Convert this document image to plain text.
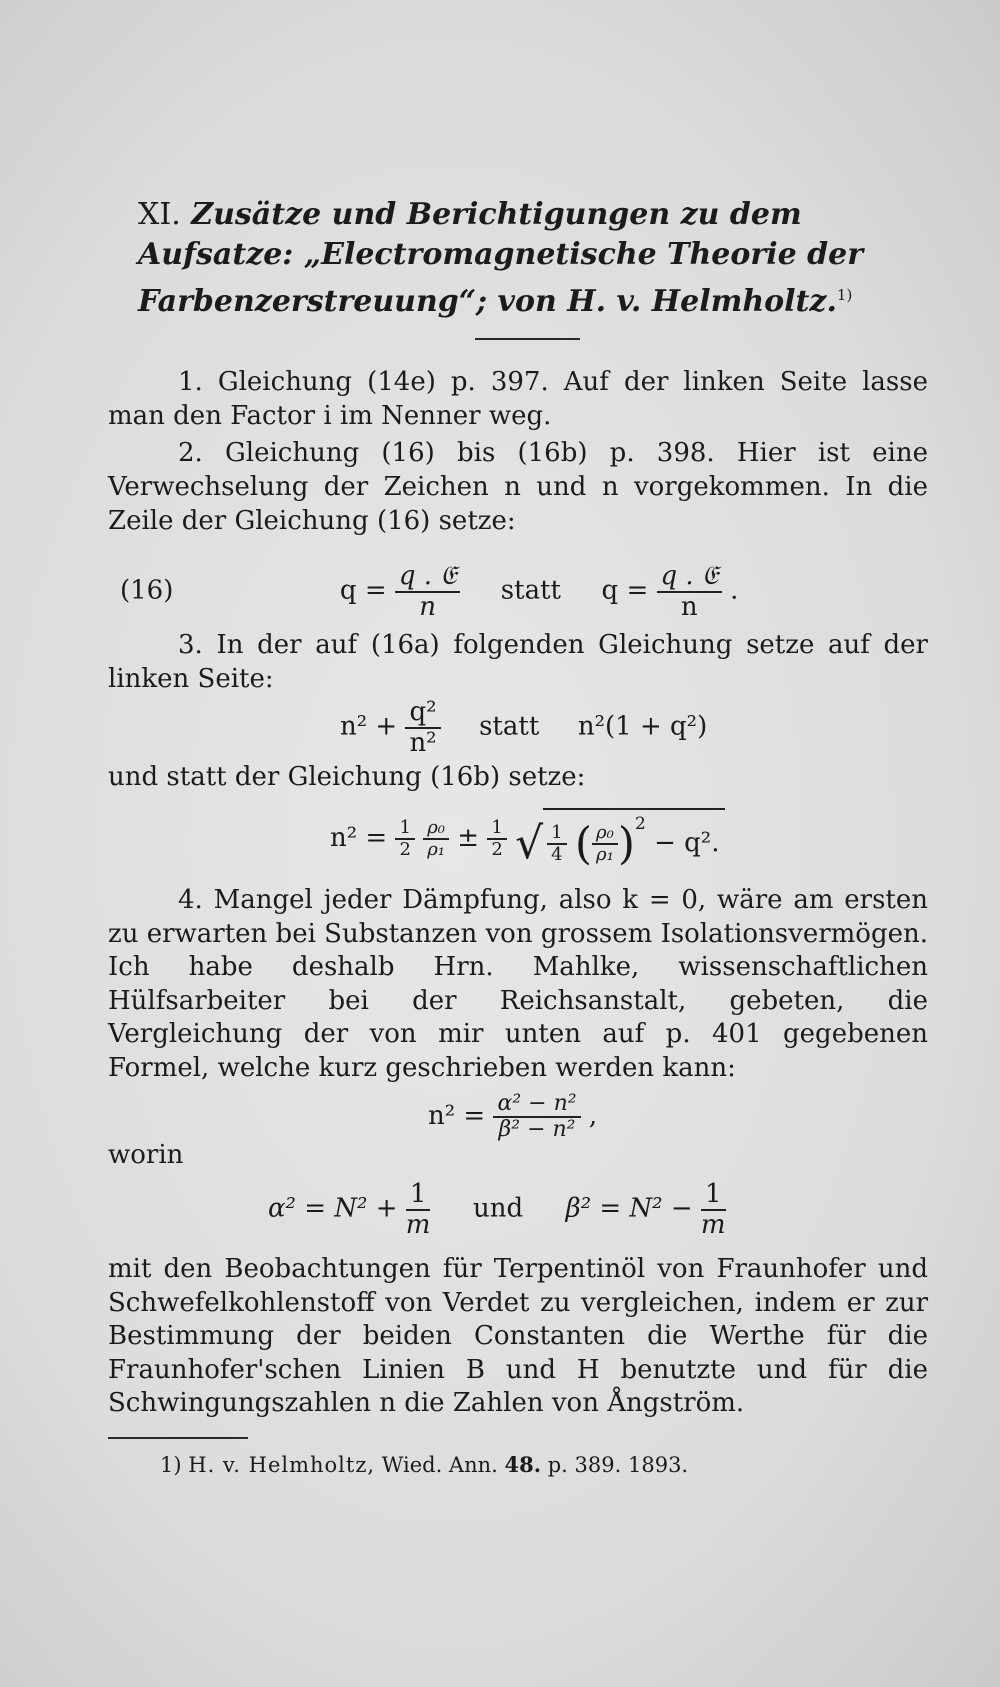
XI. Zusätze und Berichtigungen zu dem Aufsatze: „Electromagnetische Theorie der Farbenzerstreuung“; von H. v. Helmholtz.$^{1)}$

1. Gleichung (14e) p. 397. Auf der linken Seite lasse man den Factor i im Nenner weg.

2. Gleichung (16) bis (16b) p. 398. Hier ist eine Verwechselung der Zeichen n und n vorgekommen. In die Zeile der Gleichung (16) setze:

(16)	$q = \frac{\text{q . 𝔈}}{n}$ statt $q = \frac{\text{q . 𝔈}}{n}$ .

3. In der auf (16a) folgenden Gleichung setze auf der linken Seite:

$n^2 + \frac{\text{q²}}{\text{n²}}$ statt n²(1 + q²)

und statt der Gleichung (16b) setze:

$n^2 = \frac{1}{2}$
$\frac{\text{ρ₀}}{\text{ρ₁}} \pm \frac{1}{2}$ √ $\frac{1}{4}$ ( $\frac{\text{ρ₀}}{\text{ρ₁}} )^2 - q^2$.

4. Mangel jeder Dämpfung, also k = 0, wäre am ersten zu erwarten bei Substanzen von grossem Isolationsvermögen. Ich habe deshalb Hrn. Mahlke, wissenschaftlichen Hülfsarbeiter bei der Reichsanstalt, gebeten, die Vergleichung der von mir unten auf p. 401 gegebenen Formel, welche kurz geschrieben werden kann:

$n^2 = \frac{\text{α² − n²}}{\text{β² − n²}}$ ,
worin
$\alpha^2 = N^2 + \frac{1}{m}$ und $\beta^2 = N^2 - \frac{1}{m}$

mit den Beobachtungen für Terpentinöl von Fraunhofer und Schwefelkohlenstoff von Verdet zu vergleichen, indem er zur Bestimmung der beiden Constanten die Werthe für die Fraunhofer'schen Linien B und H benutzte und für die Schwingungszahlen n die Zahlen von Ångström.

1) H. v. Helmholtz, Wied. Ann. 48. p. 389. 1893.
